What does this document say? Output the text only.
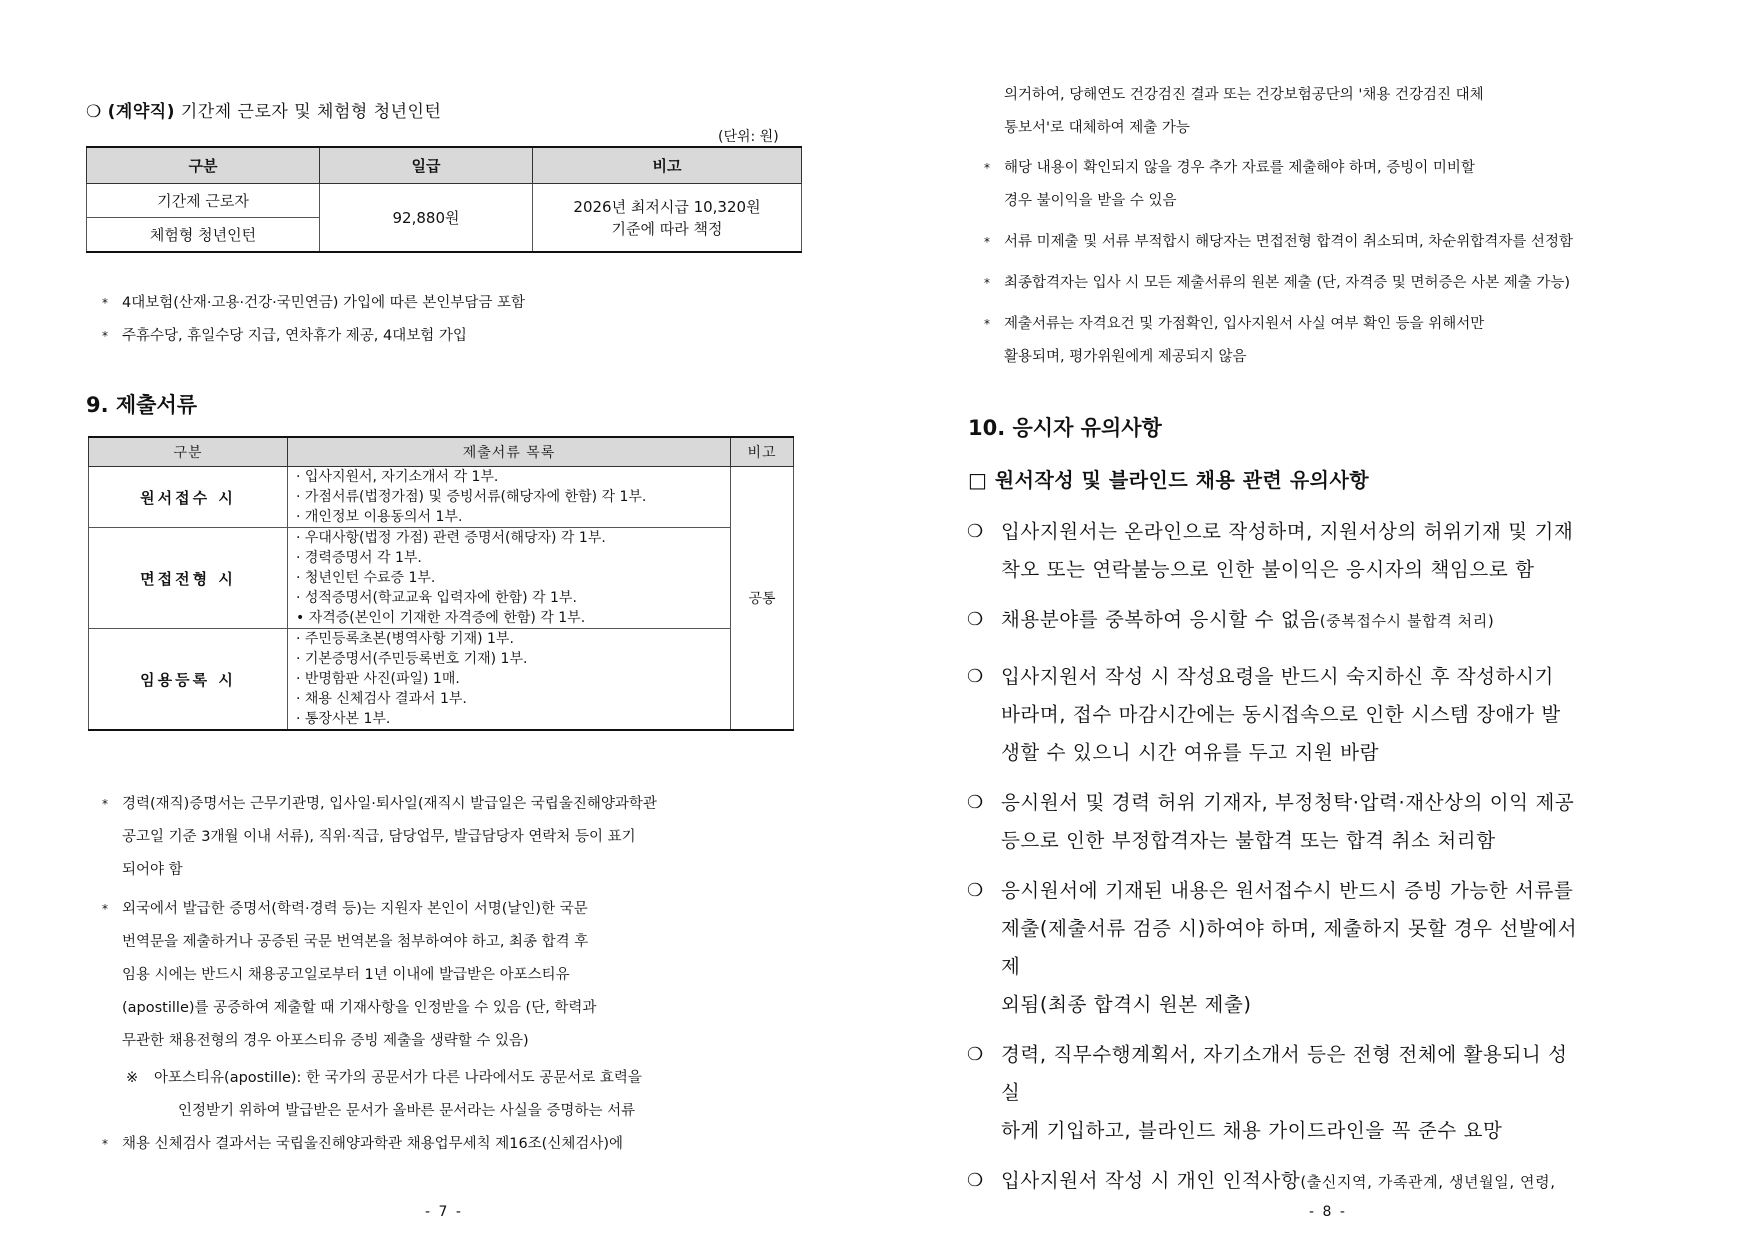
❍ (계약직) 기간제 근로자 및 체험형 청년인턴
(단위: 원)
구분	일급	비고
기간제 근로자	92,880원	2026년 최저시급 10,320원
기준에 따라 책정

체험형 청년인턴		
* 4대보험(산재·고용·건강·국민연금) 가입에 따른 본인부담금 포함
* 주휴수당, 휴일수당 지급, 연차휴가 제공, 4대보험 가입
9. 제출서류
구분	제출서류 목록	비고
원서접수 시	· 입사지원서, 자기소개서 각 1부.
· 가점서류(법정가점) 및 증빙서류(해당자에 한함) 각 1부.
· 개인정보 이용동의서 1부.	공통
면접전형 시	· 우대사항(법정 가점) 관련 증명서(해당자) 각 1부.
· 경력증명서 각 1부.
· 청년인턴 수료증 1부.
· 성적증명서(학교교육 입력자에 한함) 각 1부.
• 자격증(본인이 기재한 자격증에 한함) 각 1부.	

임용등록 시	· 주민등록초본(병역사항 기재) 1부.
· 기본증명서(주민등록번호 기재) 1부.
· 반명함판 사진(파일) 1매.
· 채용 신체검사 결과서 1부.
· 통장사본 1부.	
* 경력(재직)증명서는 근무기관명, 입사일·퇴사일(재직시 발급일은 국립울진해양과학관
공고일 기준 3개월 이내 서류), 직위·직급, 담당업무, 발급담당자 연락처 등이 표기
되어야 함
* 외국에서 발급한 증명서(학력·경력 등)는 지원자 본인이 서명(날인)한 국문
번역문을 제출하거나 공증된 국문 번역본을 첨부하여야 하고, 최종 합격 후
임용 시에는 반드시 채용공고일로부터 1년 이내에 발급받은 아포스티유
(apostille)를 공증하여 제출할 때 기재사항을 인정받을 수 있음 (단, 학력과
무관한 채용전형의 경우 아포스티유 증빙 제출을 생략할 수 있음)
※ 아포스티유(apostille): 한 국가의 공문서가 다른 나라에서도 공문서로 효력을
인정받기 위하여 발급받은 문서가 올바른 문서라는 사실을 증명하는 서류
* 채용 신체검사 결과서는 국립울진해양과학관 채용업무세칙 제16조(신체검사)에
- 7 -
의거하여, 당해연도 건강검진 결과 또는 건강보험공단의 '채용 건강검진 대체
통보서'로 대체하여 제출 가능
* 해당 내용이 확인되지 않을 경우 추가 자료를 제출해야 하며, 증빙이 미비할
경우 불이익을 받을 수 있음
* 서류 미제출 및 서류 부적합시 해당자는 면접전형 합격이 취소되며, 차순위합격자를 선정함
* 최종합격자는 입사 시 모든 제출서류의 원본 제출 (단, 자격증 및 면허증은 사본 제출 가능)
* 제출서류는 자격요건 및 가점확인, 입사지원서 사실 여부 확인 등을 위해서만
활용되며, 평가위원에게 제공되지 않음
10. 응시자 유의사항
□ 원서작성 및 블라인드 채용 관련 유의사항
❍ 입사지원서는 온라인으로 작성하며, 지원서상의 허위기재 및 기재
착오 또는 연락불능으로 인한 불이익은 응시자의 책임으로 함
❍ 채용분야를 중복하여 응시할 수 없음(중복접수시 불합격 처리)
❍ 입사지원서 작성 시 작성요령을 반드시 숙지하신 후 작성하시기
바라며, 접수 마감시간에는 동시접속으로 인한 시스템 장애가 발
생할 수 있으니 시간 여유를 두고 지원 바람
❍ 응시원서 및 경력 허위 기재자, 부정청탁·압력·재산상의 이익 제공
등으로 인한 부정합격자는 불합격 또는 합격 취소 처리함
❍ 응시원서에 기재된 내용은 원서접수시 반드시 증빙 가능한 서류를
제출(제출서류 검증 시)하여야 하며, 제출하지 못할 경우 선발에서 제
외됨(최종 합격시 원본 제출)
❍ 경력, 직무수행계획서, 자기소개서 등은 전형 전체에 활용되니 성실
하게 기입하고, 블라인드 채용 가이드라인을 꼭 준수 요망
❍ 입사지원서 작성 시 개인 인적사항(출신지역, 가족관계, 생년월일, 연령,
- 8 -
